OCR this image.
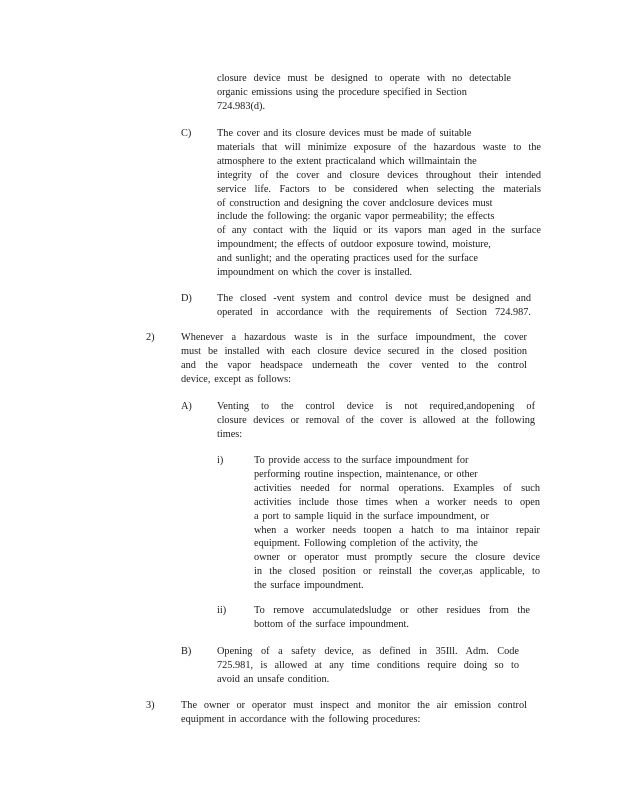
closure device must be designed to operate with no detectable
organic emissions using the procedure specified in Section
724.983(d).
C) The cover and its closure devices must be made of suitable
materials that will minimize exposure of the hazardous waste to the
atmosphere to the extent practicaland which willmaintain the
integrity of the cover and closure devices throughout their intended
service life. Factors to be considered when selecting the materials
of construction and designing the cover andclosure devices must
include the following: the organic vapor permeability; the effects
of any contact with the liquid or its vapors man aged in the surface
impoundment; the effects of outdoor exposure towind, moisture,
and sunlight; and the operating practices used for the surface
impoundment on which the cover is installed.
D) The closed -vent system and control device must be designed and
operated in accordance with the requirements of Section 724.987.
2)	Whenever a hazardous waste is in the surface impoundment, the cover
must be installed with each closure device secured in the closed position
and the vapor headspace underneath the cover vented to the control
device, except as follows:
A) Venting to the control device is not required,andopening of
closure devices or removal of the cover is allowed at the following
times:
i)	To provide access to the surface impoundment for
performing routine inspection, maintenance, or other
activities needed for normal operations. Examples of such
activities include those times when a worker needs to open
a port to sample liquid in the surface impoundment, or
when a worker needs toopen a hatch to ma intainor repair
equipment. Following completion of the activity, the
owner or operator must promptly secure the closure device
in the closed position or reinstall the cover,as applicable, to
the surface impoundment.
ii)	To remove accumulatedsludge or other residues from the
bottom of the surface impoundment.
B) Opening of a safety device, as defined in 35Ill. Adm. Code
725.981, is allowed at any time conditions require doing so to
avoid an unsafe condition.
3)	The owner or operator must inspect and monitor the air emission control
equipment in accordance with the following procedures:
